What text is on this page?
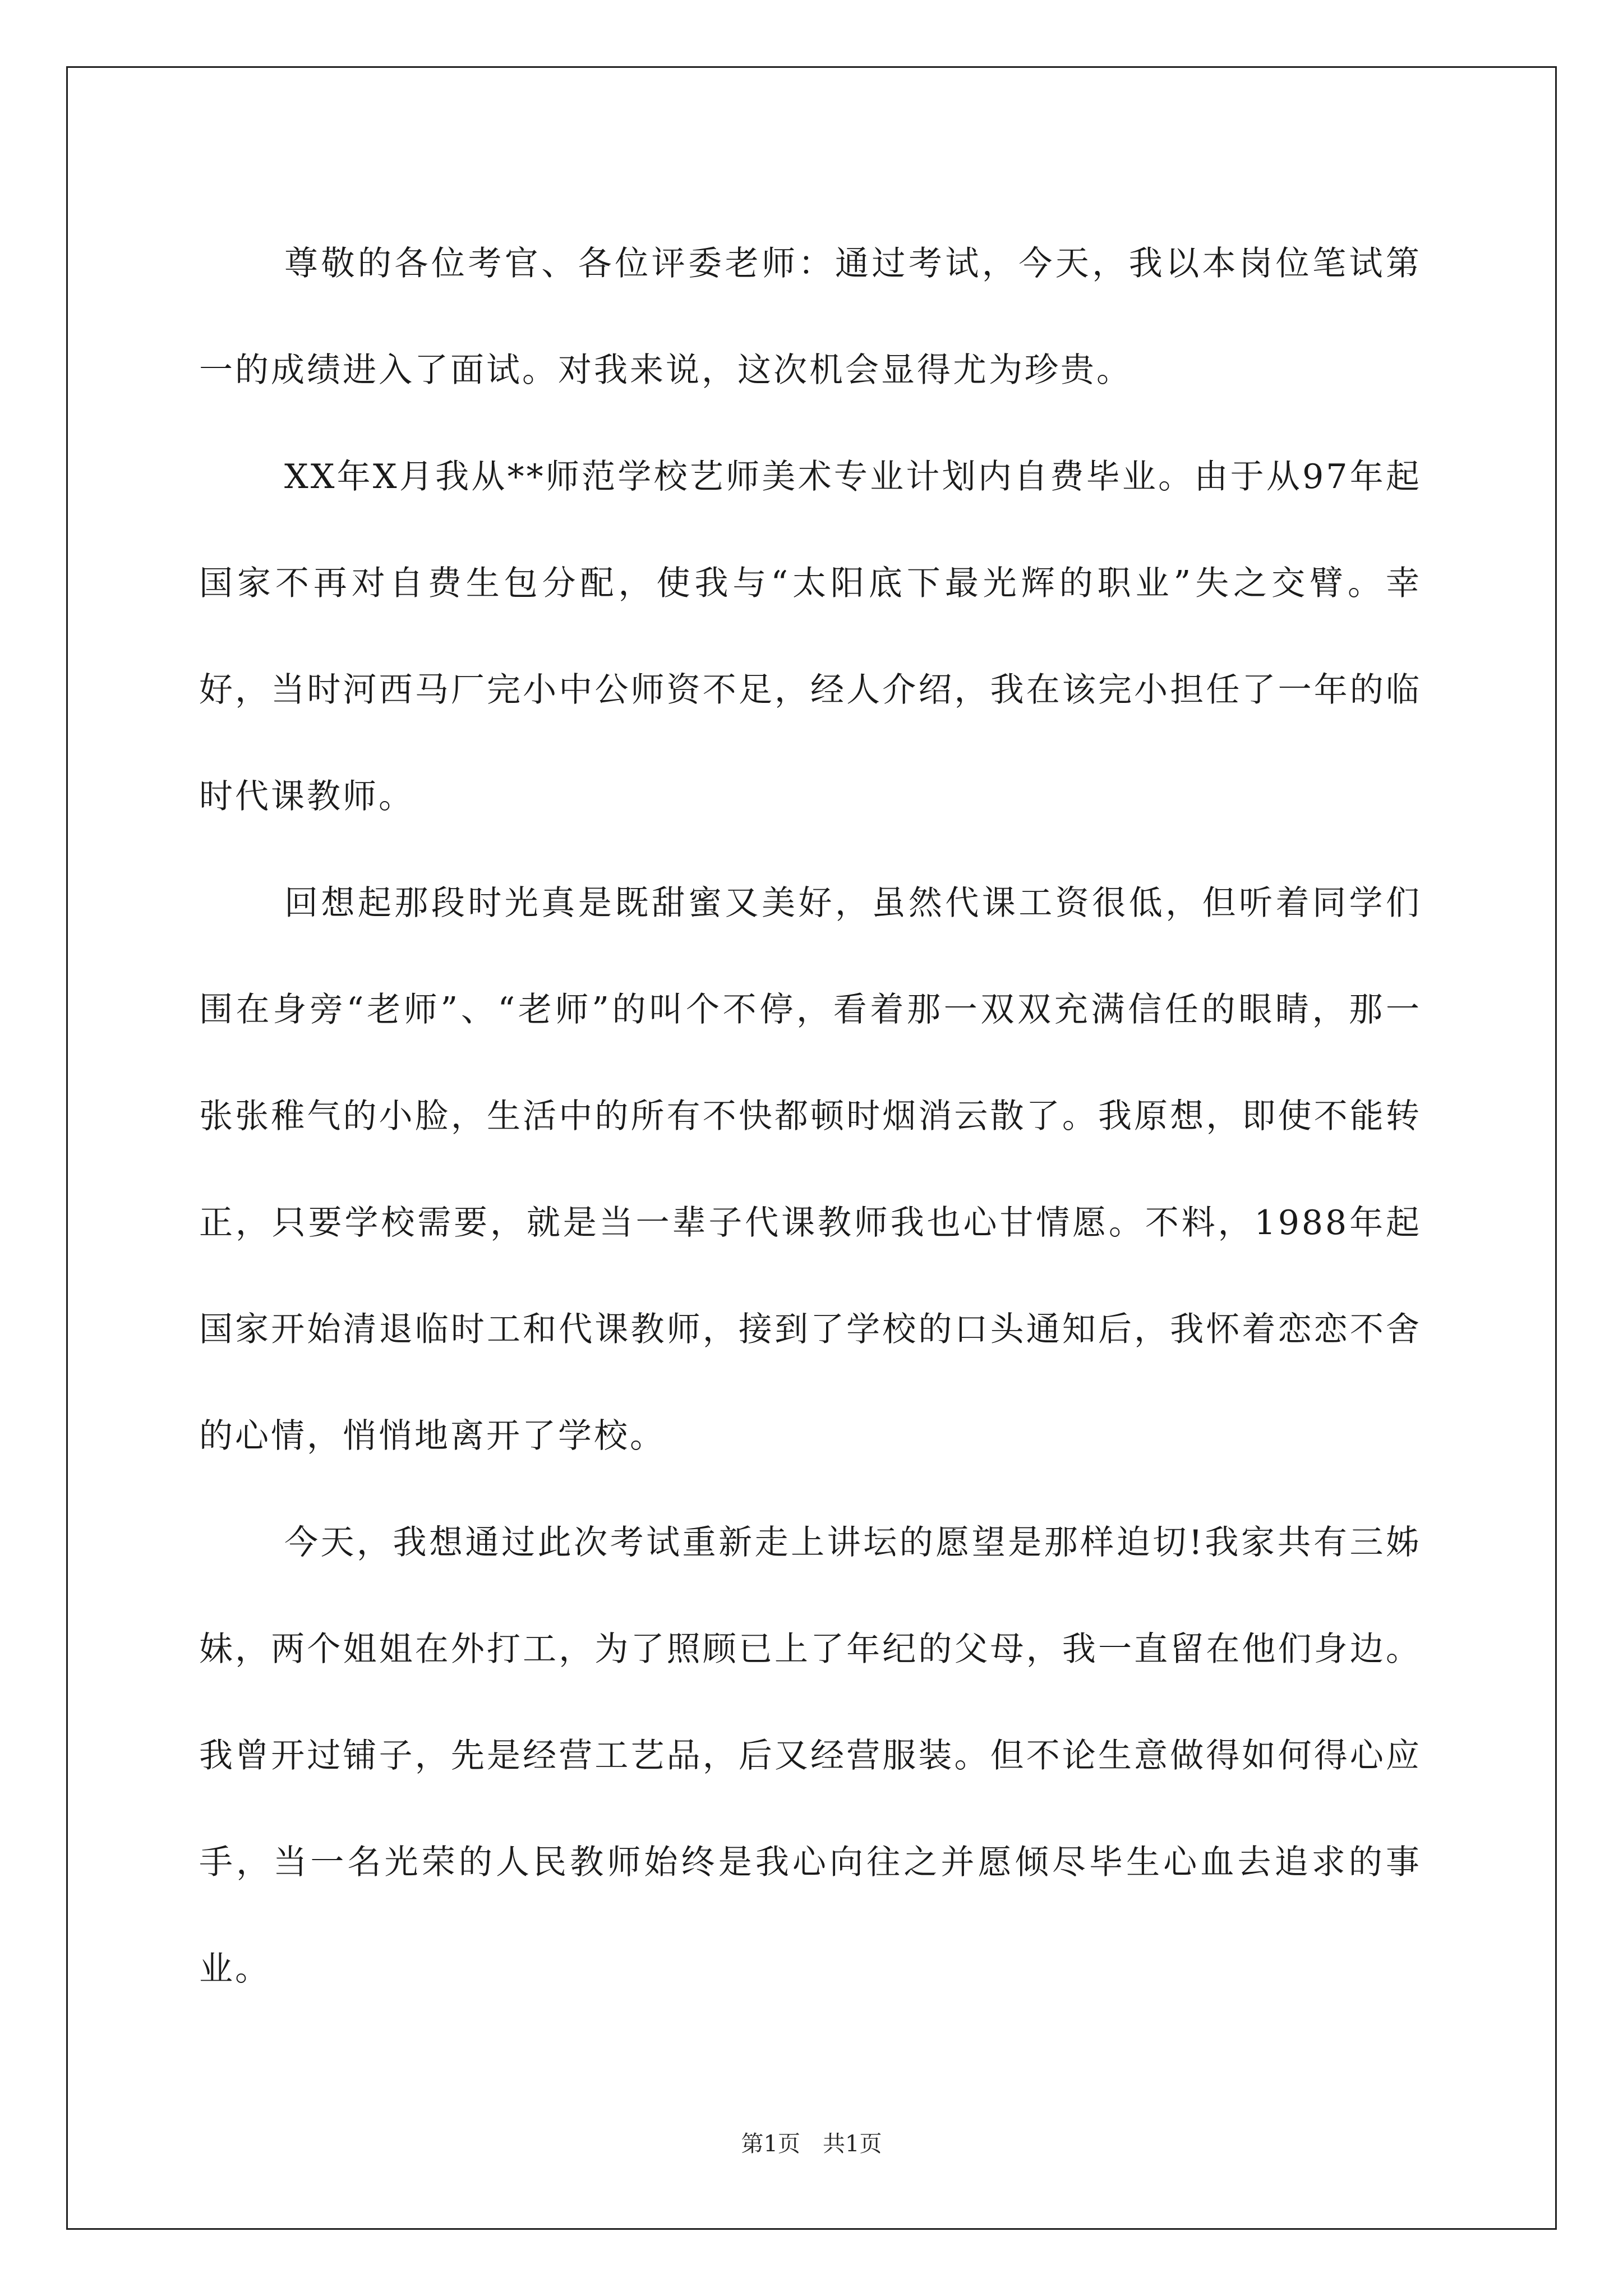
尊敬的各位考官、各位评委老师：通过考试，今天，我以本岗位笔试第一的成绩进入了面试。对我来说，这次机会显得尤为珍贵。

XX年X月我从**师范学校艺师美术专业计划内自费毕业。由于从97年起国家不再对自费生包分配，使我与“太阳底下最光辉的职业”失之交臂。幸好，当时河西马厂完小中公师资不足，经人介绍，我在该完小担任了一年的临时代课教师。

回想起那段时光真是既甜蜜又美好，虽然代课工资很低，但听着同学们围在身旁“老师”、“老师”的叫个不停，看着那一双双充满信任的眼睛，那一张张稚气的小脸，生活中的所有不快都顿时烟消云散了。我原想，即使不能转正，只要学校需要，就是当一辈子代课教师我也心甘情愿。不料，1988年起国家开始清退临时工和代课教师，接到了学校的口头通知后，我怀着恋恋不舍的心情，悄悄地离开了学校。

今天，我想通过此次考试重新走上讲坛的愿望是那样迫切!我家共有三姊妹，两个姐姐在外打工，为了照顾已上了年纪的父母，我一直留在他们身边。我曾开过铺子，先是经营工艺品，后又经营服装。但不论生意做得如何得心应手，当一名光荣的人民教师始终是我心向往之并愿倾尽毕生心血去追求的事业。

第1页　共1页
